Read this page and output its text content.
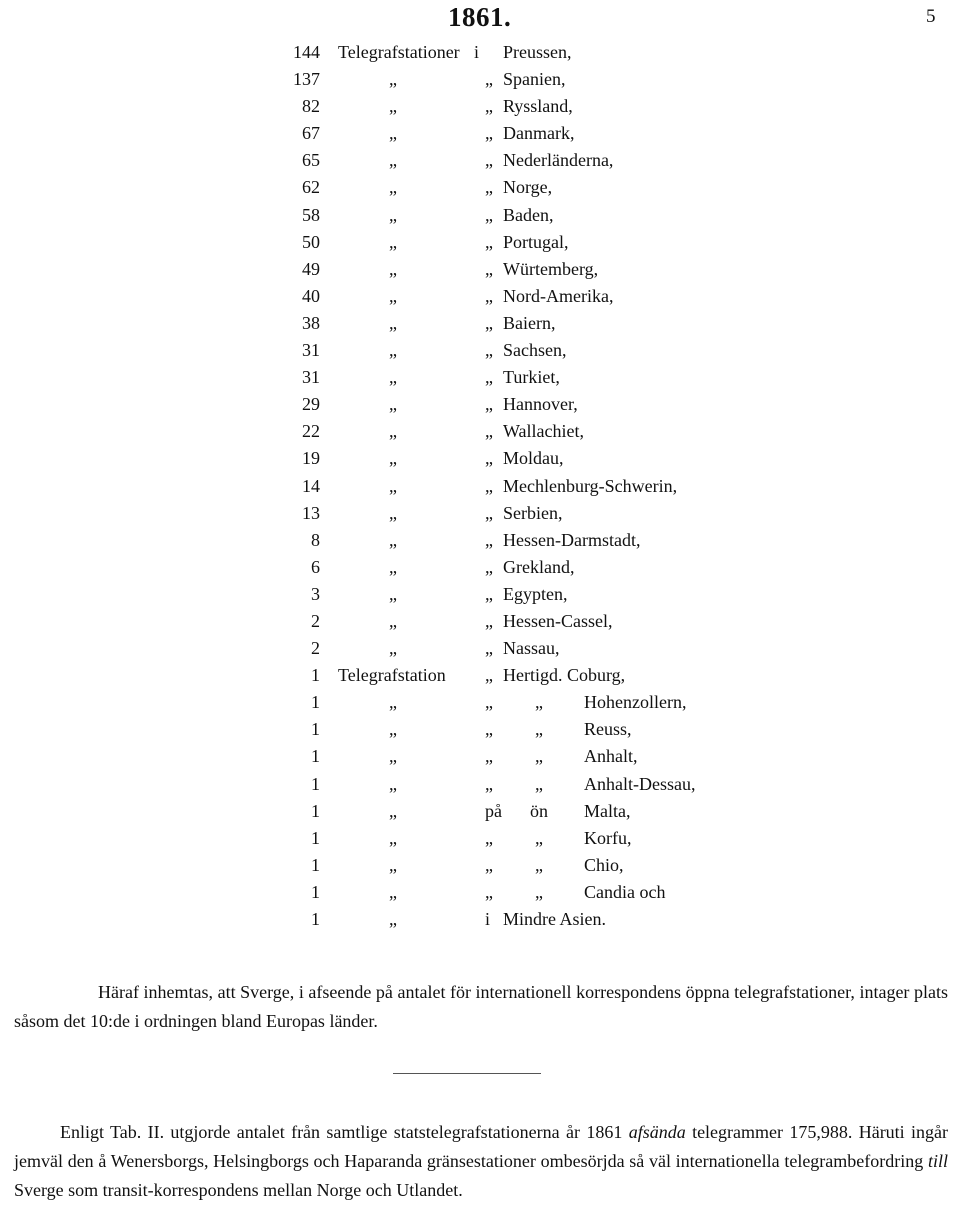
1861.	5
144 Telegrafstationer i Preussen,
137	„	„ Spanien,
82	„	„ Ryssland,
67	„	„ Danmark,
65	„	„ Nederländerna,
62	„	„ Norge,
58	„	„ Baden,
50	„	„ Portugal,
49	„	„ Würtemberg,
40	„	„ Nord-Amerika,
38	„	„ Baiern,
31	„	„ Sachsen,
31	„	„ Turkiet,
29	„	„ Hannover,
22	„	„ Wallachiet,
19	„	„ Moldau,
14	„	„ Mechlenburg-Schwerin,
13	„	„ Serbien,
8	„	„ Hessen-Darmstadt,
6	„	„ Grekland,
3	„	„ Egypten,
2	„	„ Hessen-Cassel,
2	„	„ Nassau,
1 Telegrafstation „ Hertigd. Coburg,
1	„	„ „ Hohenzollern,
1	„	„ „ Reuss,
1	„	„ „ Anhalt,
1	„	„ „ Anhalt-Dessau,
1	„	på ön Malta,
1	„	„ „ Korfu,
1	„	„ „ Chio,
1	„	„ „ Candia och
1	„	i Mindre Asien.

Häraf inhemtas, att Sverge, i afseende på antalet för internationell korrespondens öppna telegrafstationer, intager plats såsom det 10:de i ordningen bland Europas länder.

Enligt Tab. II. utgjorde antalet från samtlige statstelegrafstationerna år 1861 afsända telegrammer 175,988. Häruti ingår jemväl den å Wenersborgs, Helsingborgs och Haparanda gränsestationer ombesörjda så väl internationella telegrambefordring till Sverge som transit-korrespondens mellan Norge och Utlandet.
